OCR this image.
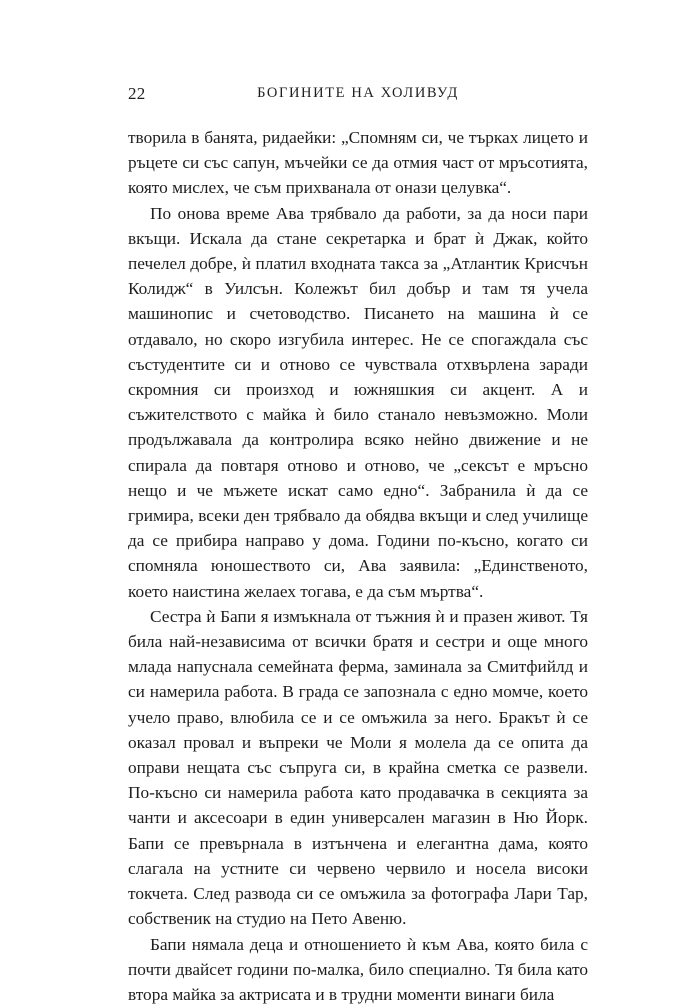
22	БОГИНИТЕ НА ХОЛИВУД

творила в банята, ридаейки: „Спомням си, че търках лицето и ръцете си със сапун, мъчейки се да отмия част от мръсотията, която мислех, че съм прихванала от онази целувка“.

По онова време Ава трябвало да работи, за да носи пари вкъщи. Искала да стане секретарка и брат ѝ Джак, който печелел добре, ѝ платил входната такса за „Атлантик Крисчън Колидж“ в Уилсън. Колежът бил добър и там тя учела машинопис и счетоводство. Писането на машина ѝ се отдавало, но скоро изгубила интерес. Не се спогаждала със състудентите си и отново се чувствала отхвърлена заради скромния си произход и южняшкия си акцент. А и съжителството с майка ѝ било станало невъзможно. Моли продължавала да контролира всяко нейно движение и не спирала да повтаря отново и отново, че „сексът е мръсно нещо и че мъжете искат само едно“. Забранила ѝ да се гримира, всеки ден трябвало да обядва вкъщи и след училище да се прибира направо у дома. Години по-късно, когато си спомняла юношеството си, Ава заявила: „Единственото, което наистина желаех тогава, е да съм мъртва“.

Сестра ѝ Бапи я измъкнала от тъжния ѝ и празен живот. Тя била най-независима от всички братя и сестри и още много млада напуснала семейната ферма, заминала за Смитфийлд и си намерила работа. В града се запознала с едно момче, което учело право, влюбила се и се омъжила за него. Бракът ѝ се оказал провал и въпреки че Моли я молела да се опита да оправи нещата със съпруга си, в крайна сметка се развели. По-късно си намерила работа като продавачка в секцията за чанти и аксесоари в един универсален магазин в Ню Йорк. Бапи се превърнала в изтънчена и елегантна дама, която слагала на устните си червено червило и носела високи токчета. След развода си се омъжила за фотографа Лари Тар, собственик на студио на Пето Авеню.

Бапи нямала деца и отношението ѝ към Ава, която била с почти двайсет години по-малка, било специално. Тя била като втора майка за актрисата и в трудни моменти винаги била
